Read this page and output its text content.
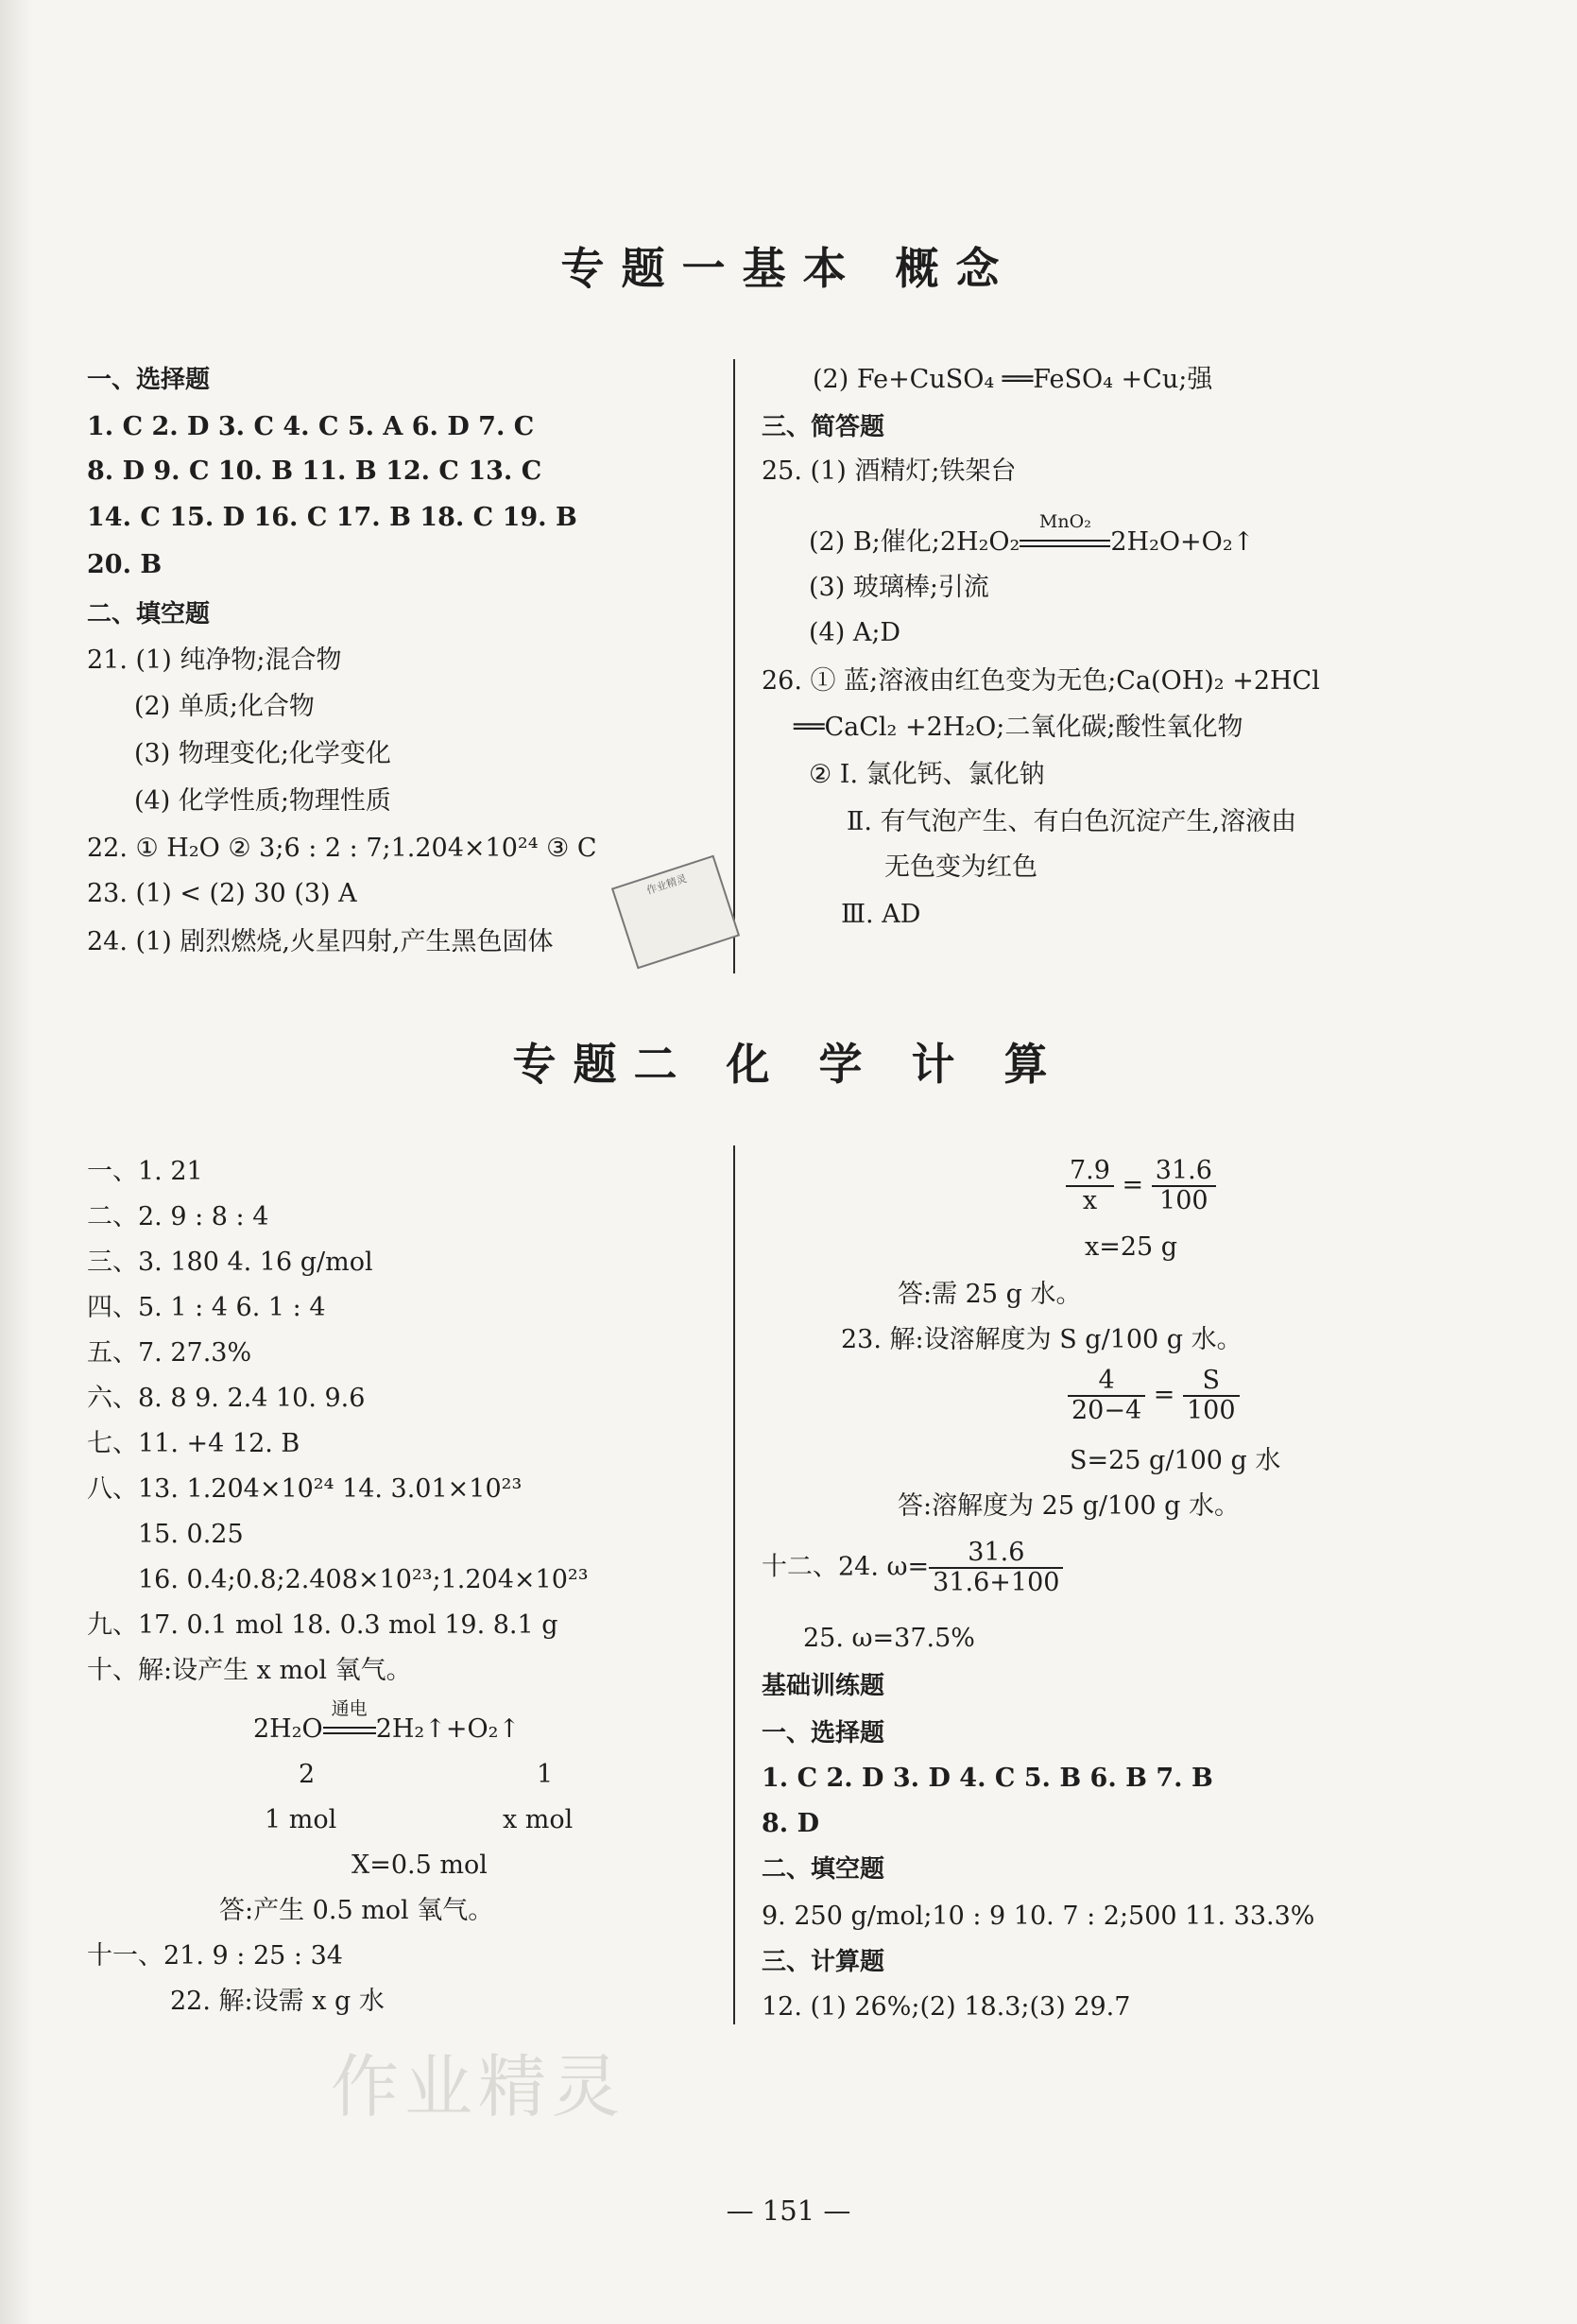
专题一基本 概念
一、选择题
1. C 2. D 3. C 4. C 5. A 6. D 7. C
8. D 9. C 10. B 11. B 12. C 13. C
14. C 15. D 16. C 17. B 18. C 19. B
20. B
二、填空题
21. (1) 纯净物;混合物
(2) 单质;化合物
(3) 物理变化;化学变化
(4) 化学性质;物理性质
22. ① H₂O ② 3;6 : 2 : 7;1.204×10²⁴ ③ C
23. (1) < (2) 30 (3) A
24. (1) 剧烈燃烧,火星四射,产生黑色固体
作业精灵
(2) Fe+CuSO₄ ══FeSO₄ +Cu;强
三、简答题
25. (1) 酒精灯;铁架台
(2) B;催化;2H₂O₂
MnO₂
2H₂O+O₂↑
(3) 玻璃棒;引流
(4) A;D
26. ① 蓝;溶液由红色变为无色;Ca(OH)₂ +2HCl
══CaCl₂ +2H₂O;二氧化碳;酸性氧化物
② Ⅰ. 氯化钙、氯化钠
Ⅱ. 有气泡产生、有白色沉淀产生,溶液由
无色变为红色
Ⅲ. AD
专题二 化 学 计 算
一、1. 21
二、2. 9 : 8 : 4
三、3. 180 4. 16 g/mol
四、5. 1 : 4 6. 1 : 4
五、7. 27.3%
六、8. 8 9. 2.4 10. 9.6
七、11. +4 12. B
八、13. 1.204×10²⁴ 14. 3.01×10²³
15. 0.25
16. 0.4;0.8;2.408×10²³;1.204×10²³
九、17. 0.1 mol 18. 0.3 mol 19. 8.1 g
十、解:设产生 x mol 氧气。
2H₂O
通电
2H₂↑+O₂↑
2	1
1 mol	x mol
X=0.5 mol
答:产生 0.5 mol 氧气。
十一、21. 9 : 25 : 34
22. 解:设需 x g 水
$\frac{7.9}{x} = \frac{31.6}{100}$
x=25 g
答:需 25 g 水。
23. 解:设溶解度为 S g/100 g 水。
$\frac{4}{20-4} = \frac{S}{100}$
S=25 g/100 g 水
答:溶解度为 25 g/100 g 水。
十二、24. $\omega= \frac{31.6}{31.6+100}$
25. ω=37.5%
基础训练题
一、选择题
1. C 2. D 3. D 4. C 5. B 6. B 7. B
8. D
二、填空题
9. 250 g/mol;10 : 9 10. 7 : 2;500 11. 33.3%
三、计算题
12. (1) 26%;(2) 18.3;(3) 29.7
作业精灵
— 151 —
